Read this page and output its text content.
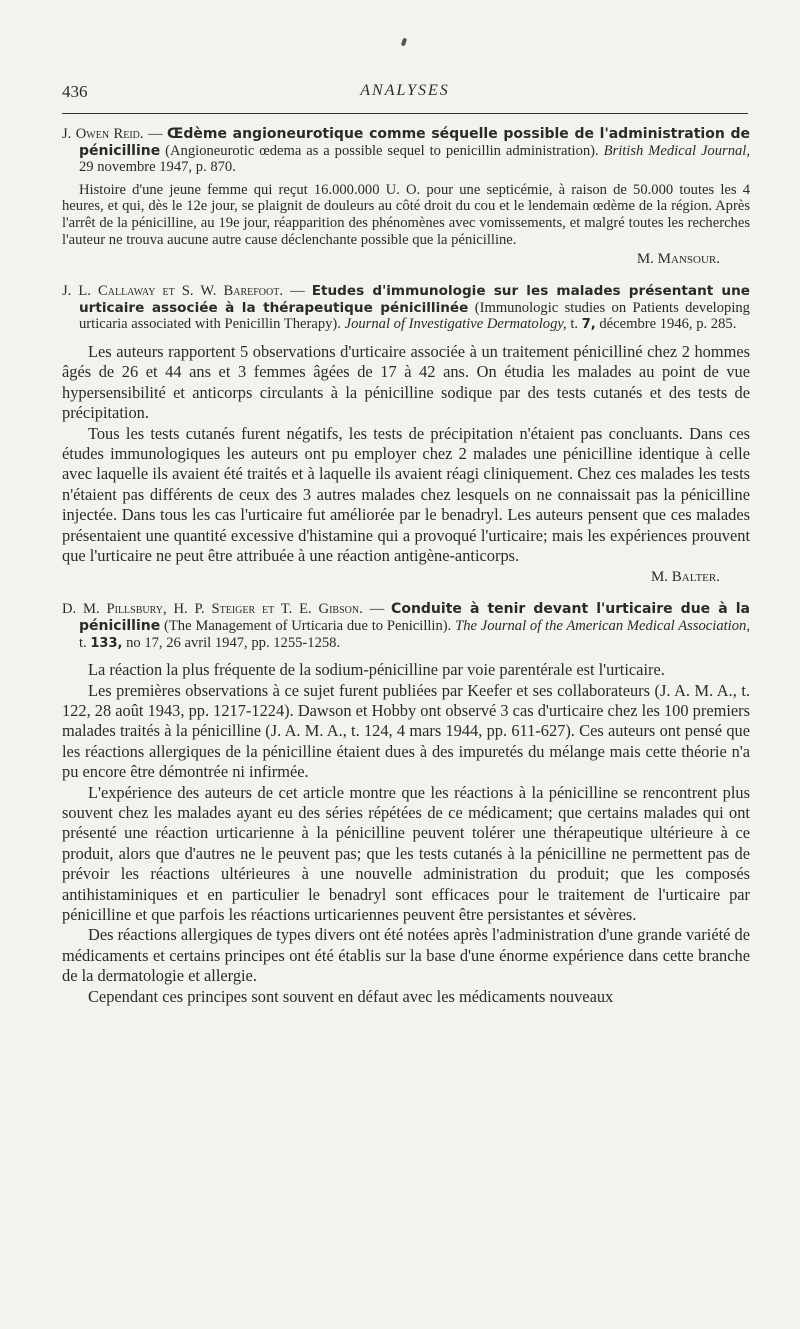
436	ANALYSES

J. Owen Reid. — Œdème angioneurotique comme séquelle possible de l'administration de pénicilline (Angioneurotic œdema as a possible sequel to penicillin administration). British Medical Journal, 29 novembre 1947, p. 870.

Histoire d'une jeune femme qui reçut 16.000.000 U. O. pour une septicémie, à raison de 50.000 toutes les 4 heures, et qui, dès le 12e jour, se plaignit de douleurs au côté droit du cou et le lendemain œdème de la région. Après l'arrêt de la pénicilline, au 19e jour, réapparition des phénomènes avec vomissements, et malgré toutes les recherches l'auteur ne trouva aucune autre cause déclenchante possible que la pénicilline.

M. Mansour.

J. L. Callaway et S. W. Barefoot. — Etudes d'immunologie sur les malades présentant une urticaire associée à la thérapeutique pénicillinée (Immunologic studies on Patients developing urticaria associated with Penicillin Therapy). Journal of Investigative Dermatology, t. 7, décembre 1946, p. 285.

Les auteurs rapportent 5 observations d'urticaire associée à un traitement pénicilliné chez 2 hommes âgés de 26 et 44 ans et 3 femmes âgées de 17 à 42 ans. On étudia les malades au point de vue hypersensibilité et anticorps circulants à la pénicilline sodique par des tests cutanés et des tests de précipitation.

Tous les tests cutanés furent négatifs, les tests de précipitation n'étaient pas concluants. Dans ces études immunologiques les auteurs ont pu employer chez 2 malades une pénicilline identique à celle avec laquelle ils avaient été traités et à laquelle ils avaient réagi cliniquement. Chez ces malades les tests n'étaient pas différents de ceux des 3 autres malades chez lesquels on ne connaissait pas la pénicilline injectée. Dans tous les cas l'urticaire fut améliorée par le benadryl. Les auteurs pensent que ces malades présentaient une quantité excessive d'histamine qui a provoqué l'urticaire; mais les expériences prouvent que l'urticaire ne peut être attribuée à une réaction antigène-anticorps.

M. Balter.

D. M. Pillsbury, H. P. Steiger et T. E. Gibson. — Conduite à tenir devant l'urticaire due à la pénicilline (The Management of Urticaria due to Penicillin). The Journal of the American Medical Association, t. 133, no 17, 26 avril 1947, pp. 1255-1258.

La réaction la plus fréquente de la sodium-pénicilline par voie parentérale est l'urticaire.

Les premières observations à ce sujet furent publiées par Keefer et ses collaborateurs (J. A. M. A., t. 122, 28 août 1943, pp. 1217-1224). Dawson et Hobby ont observé 3 cas d'urticaire chez les 100 premiers malades traités à la pénicilline (J. A. M. A., t. 124, 4 mars 1944, pp. 611-627). Ces auteurs ont pensé que les réactions allergiques de la pénicilline étaient dues à des impuretés du mélange mais cette théorie n'a pu encore être démontrée ni infirmée.

L'expérience des auteurs de cet article montre que les réactions à la pénicilline se rencontrent plus souvent chez les malades ayant eu des séries répétées de ce médicament; que certains malades qui ont présenté une réaction urticarienne à la pénicilline peuvent tolérer une thérapeutique ultérieure à ce produit, alors que d'autres ne le peuvent pas; que les tests cutanés à la pénicilline ne permettent pas de prévoir les réactions ultérieures à une nouvelle administration du produit; que les composés antihistaminiques et en particulier le benadryl sont efficaces pour le traitement de l'urticaire par pénicilline et que parfois les réactions urticariennes peuvent être persistantes et sévères.

Des réactions allergiques de types divers ont été notées après l'administration d'une grande variété de médicaments et certains principes ont été établis sur la base d'une énorme expérience dans cette branche de la dermatologie et allergie.

Cependant ces principes sont souvent en défaut avec les médicaments nouveaux
